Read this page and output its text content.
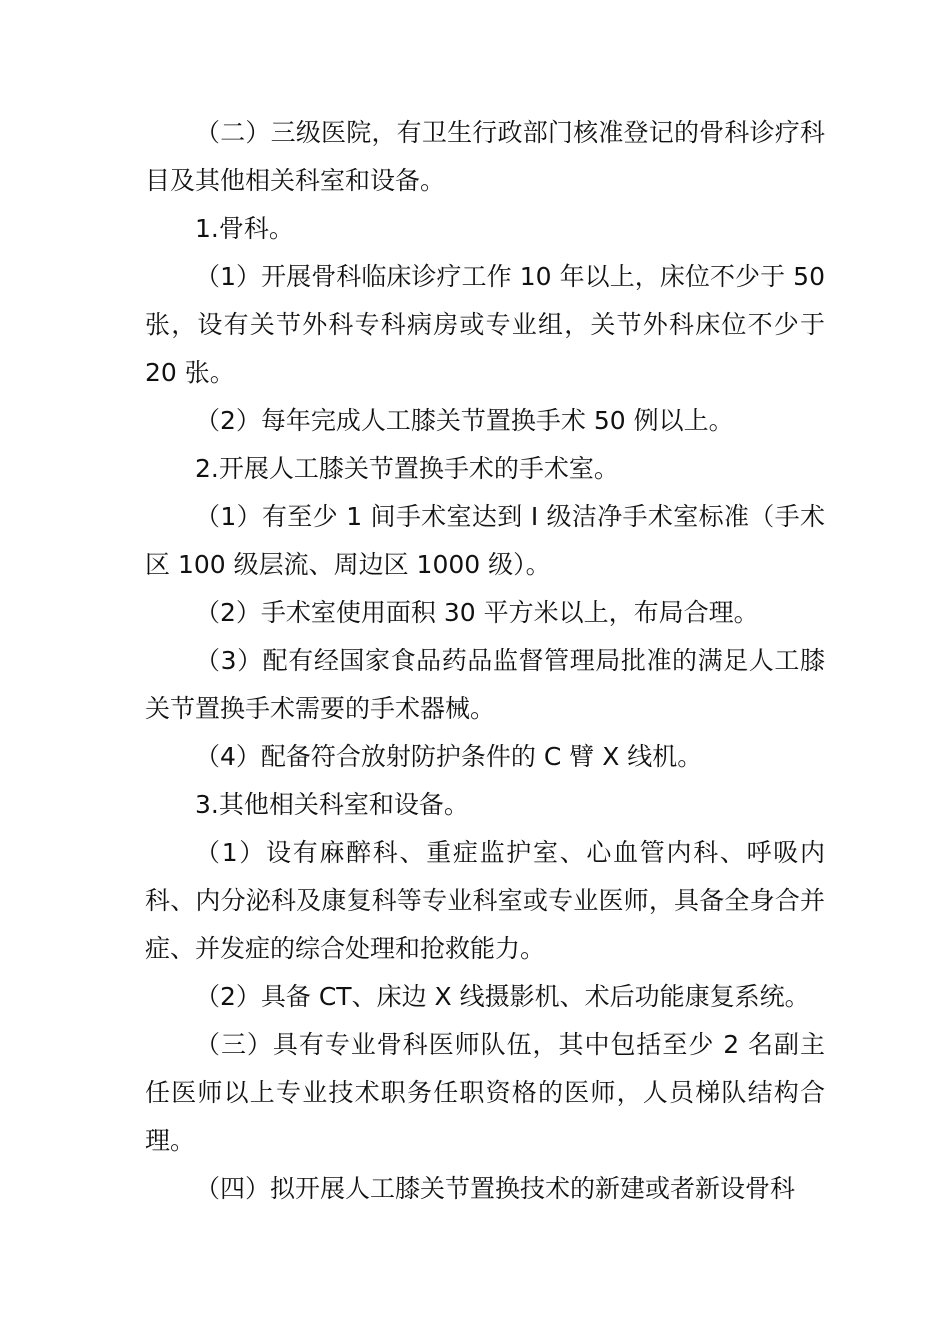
（二）三级医院，有卫生行政部门核准登记的骨科诊疗科目及其他相关科室和设备。

1.骨科。

（1）开展骨科临床诊疗工作 10 年以上，床位不少于 50 张，设有关节外科专科病房或专业组，关节外科床位不少于 20 张。

（2）每年完成人工膝关节置换手术 50 例以上。

2.开展人工膝关节置换手术的手术室。

（1）有至少 1 间手术室达到 I 级洁净手术室标准（手术区 100 级层流、周边区 1000 级）。

（2）手术室使用面积 30 平方米以上，布局合理。

（3）配有经国家食品药品监督管理局批准的满足人工膝关节置换手术需要的手术器械。

（4）配备符合放射防护条件的 C 臂 X 线机。

3.其他相关科室和设备。

（1）设有麻醉科、重症监护室、心血管内科、呼吸内科、内分泌科及康复科等专业科室或专业医师，具备全身合并症、并发症的综合处理和抢救能力。

（2）具备 CT、床边 X 线摄影机、术后功能康复系统。

（三）具有专业骨科医师队伍，其中包括至少 2 名副主任医师以上专业技术职务任职资格的医师，人员梯队结构合理。

（四）拟开展人工膝关节置换技术的新建或者新设骨科
